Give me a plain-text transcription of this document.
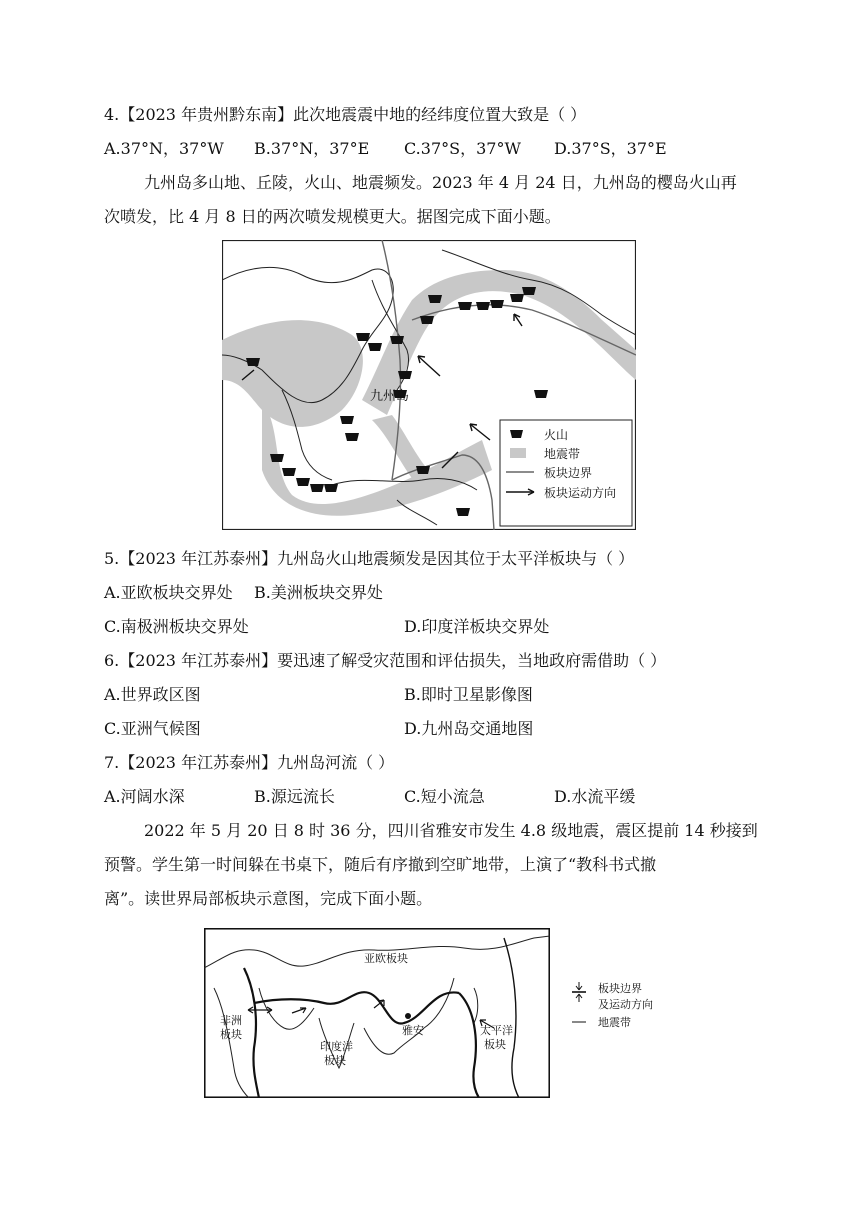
4.【2023 年贵州黔东南】此次地震震中地的经纬度位置大致是（ ）
A.37°N，37°W B.37°N，37°E C.37°S，37°W D.37°S，37°E
九州岛多山地、丘陵，火山、地震频发。2023 年 4 月 24 日，九州岛的樱岛火山再
次喷发，比 4 月 8 日的两次喷发规模更大。据图完成下面小题。
九州岛
火山
地震带
板块边界
板块运动方向
5.【2023 年江苏泰州】九州岛火山地震频发是因其位于太平洋板块与（ ）
A.亚欧板块交界处 B.美洲板块交界处
C.南极洲板块交界处	D.印度洋板块交界处
6.【2023 年江苏泰州】要迅速了解受灾范围和评估损失，当地政府需借助（ ）
A.世界政区图	B.即时卫星影像图
C.亚洲气候图	D.九州岛交通地图
7.【2023 年江苏泰州】九州岛河流（ ）
A.河阔水深	B.源远流长	C.短小流急	D.水流平缓
2022 年 5 月 20 日 8 时 36 分，四川省雅安市发生 4.8 级地震，震区提前 14 秒接到
预警。学生第一时间躲在书桌下，随后有序撤到空旷地带，上演了“教科书式撤
离”。读世界局部板块示意图，完成下面小题。
亚欧板块
非洲
板块
印度洋
板块
雅安	太平洋
板块
板块边界
及运动方向
地震带
